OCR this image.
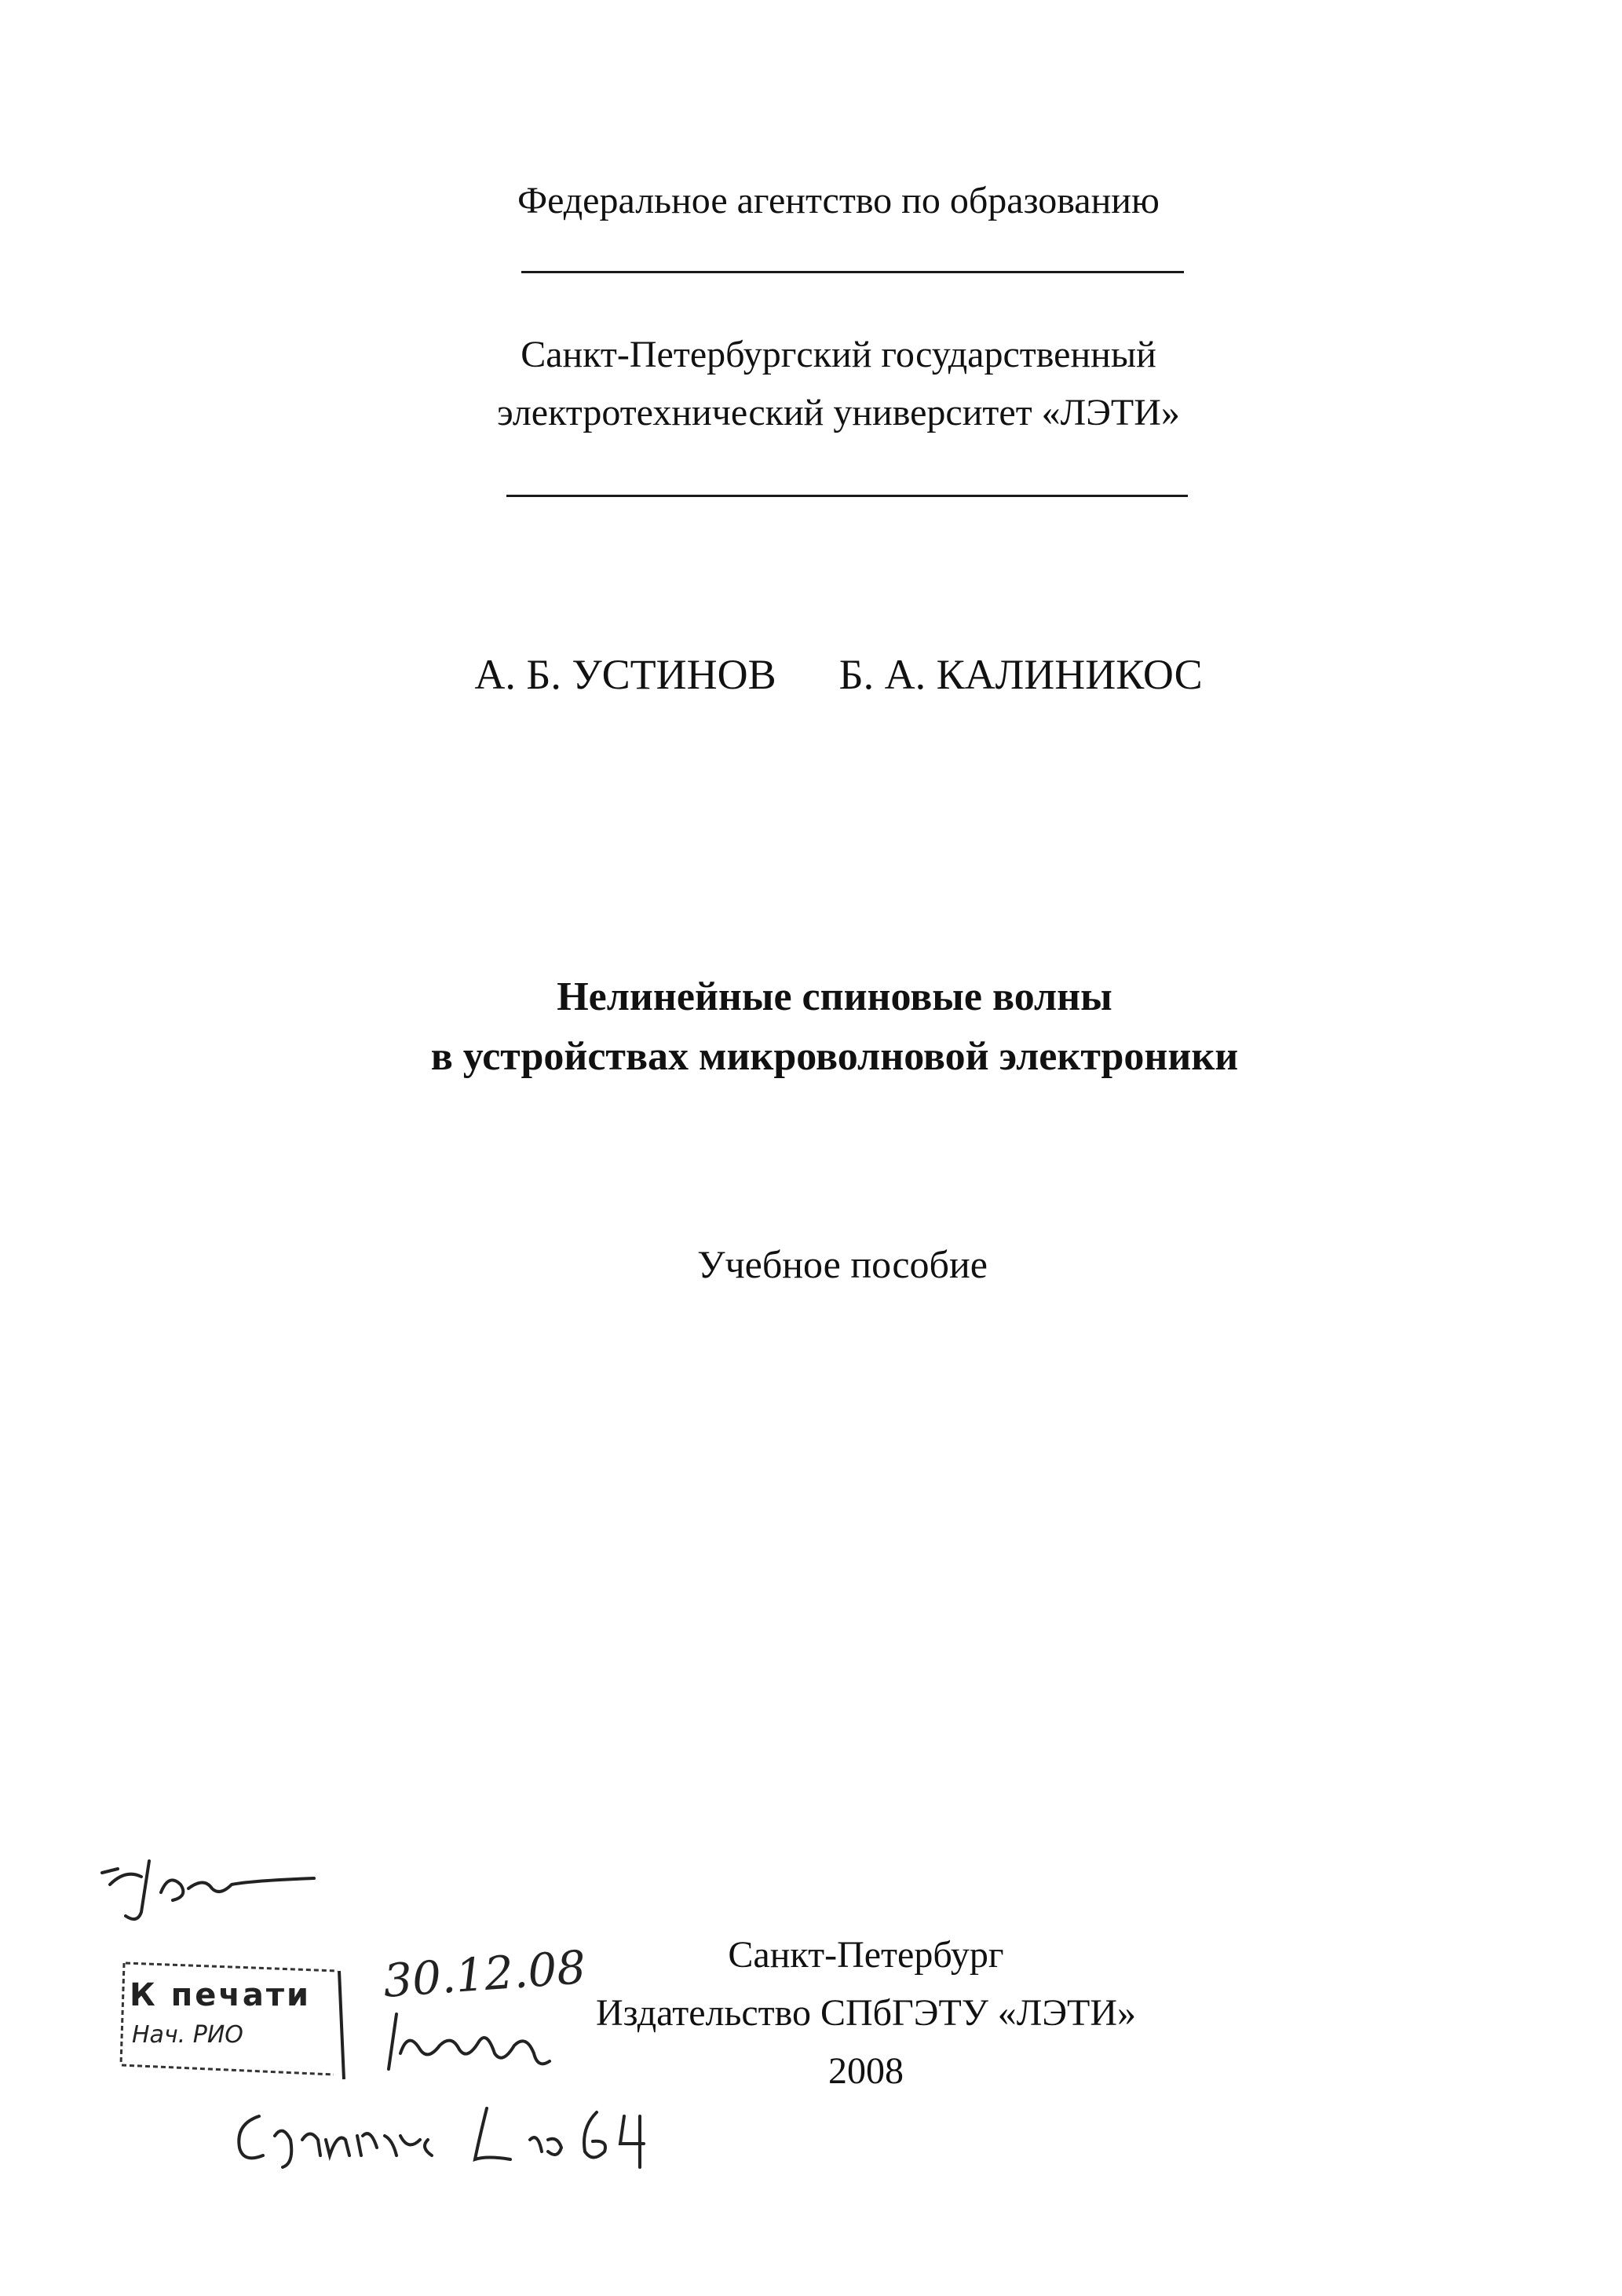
Федеральное агентство по образованию
Санкт-Петербургский государственный
электротехнический университет «ЛЭТИ»
А. Б. УСТИНОВ Б. А. КАЛИНИКОС
Нелинейные спиновые волны
в устройствах микроволновой электроники
Учебное пособие
Санкт-Петербург
Издательство СПбГЭТУ «ЛЭТИ»
2008
К печати
Нач. РИО
30.12.08
